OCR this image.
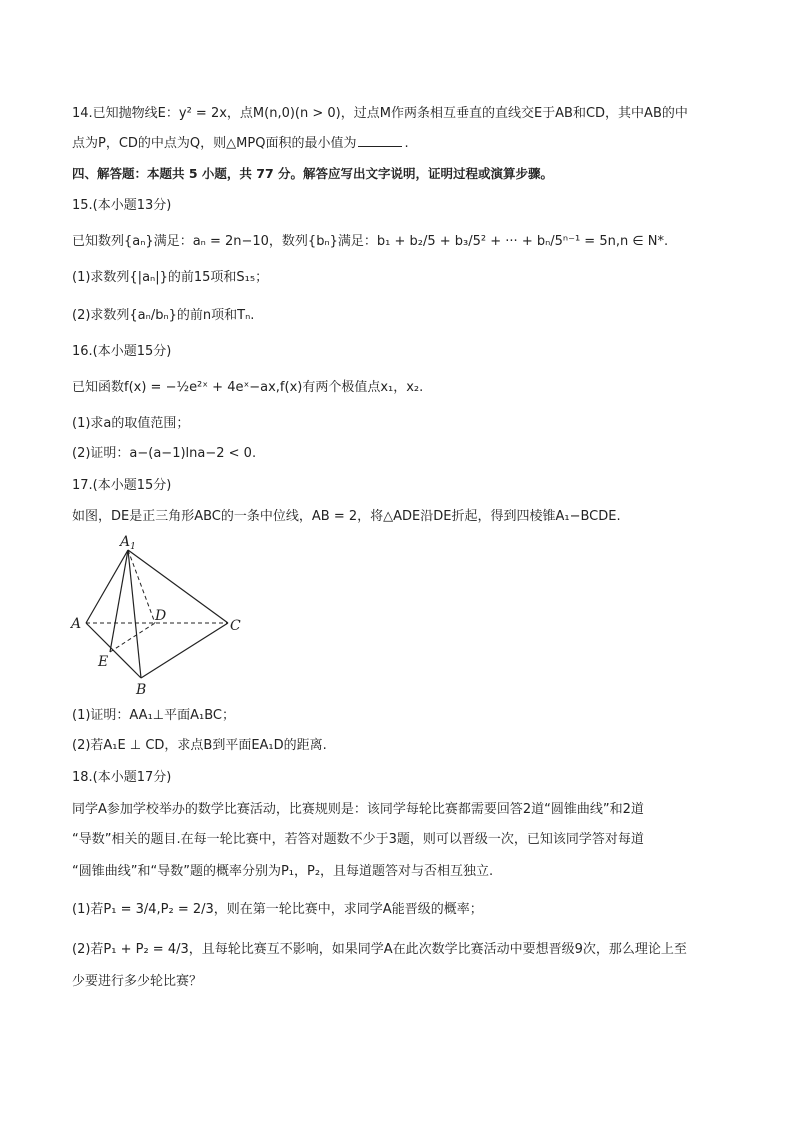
14.已知抛物线E：y² = 2x，点M(n,0)(n > 0)，过点M作两条相互垂直的直线交E于AB和CD，其中AB的中
点为P，CD的中点为Q，则△MPQ面积的最小值为	.
四、解答题：本题共 5 小题，共 77 分。解答应写出文字说明，证明过程或演算步骤。
15.(本小题13分)
已知数列{aₙ}满足：aₙ = 2n−10，数列{bₙ}满足：b₁ + b₂/5 + b₃/5² + ··· + bₙ/5ⁿ⁻¹ = 5n,n ∈ N*.
(1)求数列{|aₙ|}的前15项和S₁₅；
(2)求数列{aₙ/bₙ}的前n项和Tₙ.
16.(本小题15分)
已知函数f(x) = −½e²ˣ + 4eˣ−ax,f(x)有两个极值点x₁，x₂.
(1)求a的取值范围；
(2)证明：a−(a−1)lna−2 < 0.
17.(本小题15分)
如图，DE是正三角形ABC的一条中位线，AB = 2，将△ADE沿DE折起，得到四棱锥A₁−BCDE.
$A_1$
A	D
C
E
B
(1)证明：AA₁⊥平面A₁BC；
(2)若A₁E ⊥ CD，求点B到平面EA₁D的距离.
18.(本小题17分)
同学A参加学校举办的数学比赛活动，比赛规则是：该同学每轮比赛都需要回答2道“圆锥曲线”和2道
“导数”相关的题目.在每一轮比赛中，若答对题数不少于3题，则可以晋级一次，已知该同学答对每道
“圆锥曲线”和“导数”题的概率分别为P₁，P₂，且每道题答对与否相互独立.
(1)若P₁ = 3/4,P₂ = 2/3，则在第一轮比赛中，求同学A能晋级的概率；
(2)若P₁ + P₂ = 4/3，且每轮比赛互不影响，如果同学A在此次数学比赛活动中要想晋级9次，那么理论上至
少要进行多少轮比赛？
